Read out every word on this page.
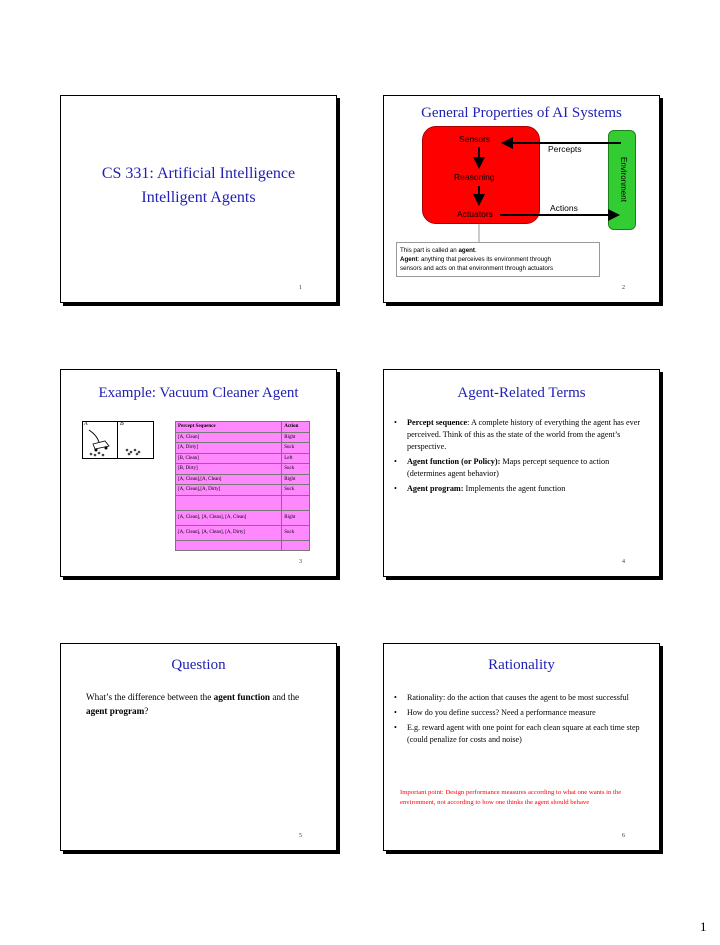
CS 331: Artificial Intelligence
Intelligent Agents
1
General Properties of AI Systems
Environment
Sensors
Reasoning
Actuators
Percepts
Actions
This part is called an agent.
Agent: anything that perceives its environment through
sensors and acts on that environment through actuators
2
Example: Vacuum Cleaner Agent
A	B	Percept Sequence	Action
[A, Clean]	Right
[A, Dirty]	Suck
[B, Clean]	Left
[B, Dirty]	Suck
[A, Clean],[A, Clean]	Right
[A, Clean],[A, Dirty]	Suck

[A, Clean], [A, Clean], [A, Clean]	Right
[A, Clean], [A, Clean], [A, Dirty]	Suck

3
Agent-Related Terms
• Percept sequence: A complete history of everything the agent has ever perceived. Think of this as the state of the world from the agent’s perspective.
• Agent function (or Policy): Maps percept sequence to action (determines agent behavior)
• Agent program: Implements the agent function
4
Question
What’s the difference between the agent function and the agent program?
5
Rationality
• Rationality: do the action that causes the agent to be most successful
• How do you define success? Need a performance measure
• E.g. reward agent with one point for each clean square at each time step (could penalize for costs and noise)
Important point: Design performance measures according to what one wants in the environment, not according to how one thinks the agent should behave
6
1
